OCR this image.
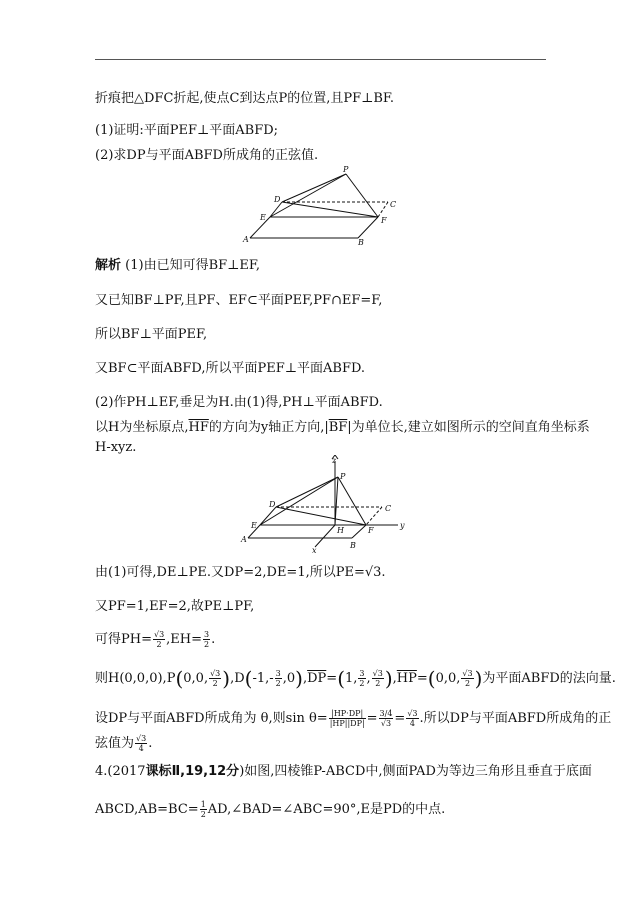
折痕把△DFC折起,使点C到达点P的位置,且PF⊥BF.
(1)证明:平面PEF⊥平面ABFD;
(2)求DP与平面ABFD所成角的正弦值.
P
D
C
E	F
A	B
解析 (1)由已知可得BF⊥EF,
又已知BF⊥PF,且PF、EF⊂平面PEF,PF∩EF=F,
所以BF⊥平面PEF,
又BF⊂平面ABFD,所以平面PEF⊥平面ABFD.
(2)作PH⊥EF,垂足为H.由(1)得,PH⊥平面ABFD.
以H为坐标原点$,\overline{HF}$的方向为y轴正方向$,|\overline{BF}|$为单位长,建立如图所示的空间直角坐标系
H-xyz.
z
P
D	C
E
H	F
y
A
B
x
由(1)可得,DE⊥PE.又DP=2,DE=1,所以PE=√3.
又PF=1,EF=2,故PE⊥PF,
可得$PH= \frac{√3}{2} ,EH= \frac{3}{2}$ .
则H(0,0,0),P(0,0, $\frac{√3}{2} ),D(-1,- \frac{3}{2} ,0),\overline{DP}=(1$, $\frac{3}{2}$ , $\frac{√3}{2} ),\overline{HP}=(0,0$, $\frac{√3}{2}$ )为平面ABFD的法向量.
设DP与平面ABFD所成角为 θ,则$\sin \theta= \frac{|HP\cdot DP|}{|HP||DP|} = \frac{3/4}{√3} = \frac{√3}{4}$ .所以DP与平面ABFD所成角的正
弦值为 $\frac{√3}{4}$ .
4.(2017课标Ⅱ,19,12分)如图,四棱锥P-ABCD中,侧面PAD为等边三角形且垂直于底面
ABCD,AB=BC= $\frac{1}{2}$ AD,∠BAD=∠ABC=90°,E是PD的中点.
